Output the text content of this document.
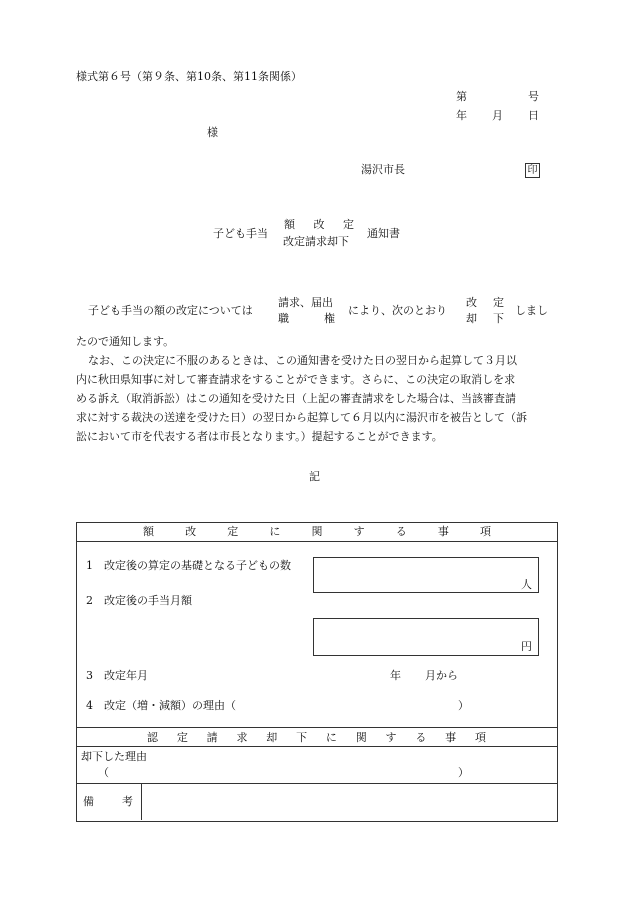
様式第６号（第９条、第10条、第11条関係）
第	号
年 月 日
様
湯沢市長	印
子ども手当
額 改 定
改定請求却下
通知書
子ども手当の額の改定については
請求、届出
職	権
により、次のとおり
改 定
却 下
しまし
たので通知します。
なお、この決定に不服のあるときは、この通知書を受けた日の翌日から起算して３月以
内に秋田県知事に対して審査請求をすることができます。さらに、この決定の取消しを求
める訴え（取消訴訟）はこの通知を受けた日（上記の審査請求をした場合は、当該審査請
求に対する裁決の送達を受けた日）の翌日から起算して６月以内に湯沢市を被告として（訴
訟において市を代表する者は市長となります。）提起することができます。
記
額	改	定	に	関	す	る	事	項
1　改定後の算定の基礎となる子どもの数
人
2　改定後の手当月額
円
3　改定年月	年 月から
4　改定（増・減額）の理由（	）
認 定 請 求 却 下 に 関 す る 事 項
却下した理由
（	）
備	考
